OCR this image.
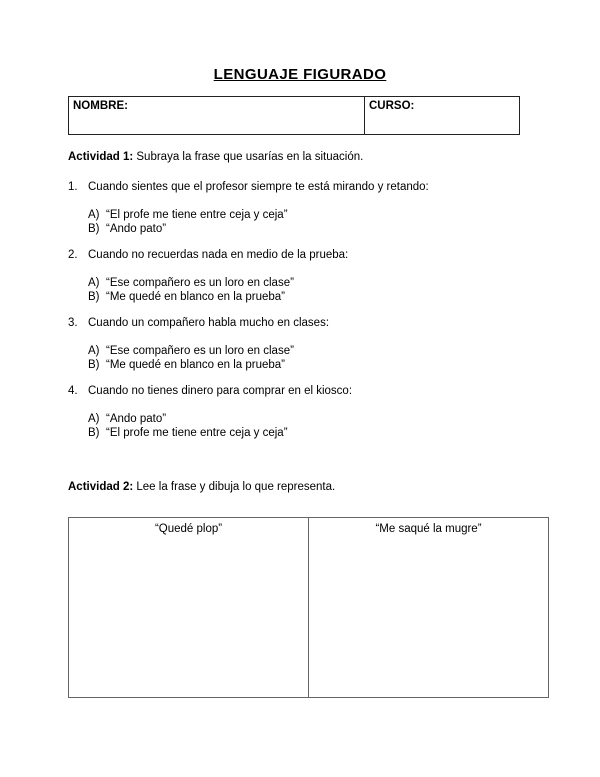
LENGUAJE FIGURADO
NOMBRE:	CURSO:

Actividad 1: Subraya la frase que usarías en la situación.

1. Cuando sientes que el profesor siempre te está mirando y retando:
A) “El profe me tiene entre ceja y ceja”
B) “Ando pato”
2. Cuando no recuerdas nada en medio de la prueba:
A) “Ese compañero es un loro en clase”
B) “Me quedé en blanco en la prueba”
3. Cuando un compañero habla mucho en clases:
A) “Ese compañero es un loro en clase”
B) “Me quedé en blanco en la prueba”
4. Cuando no tienes dinero para comprar en el kiosco:
A) “Ando pato”
B) “El profe me tiene entre ceja y ceja”

Actividad 2: Lee la frase y dibuja lo que representa.

“Quedé plop”	“Me saqué la mugre”
